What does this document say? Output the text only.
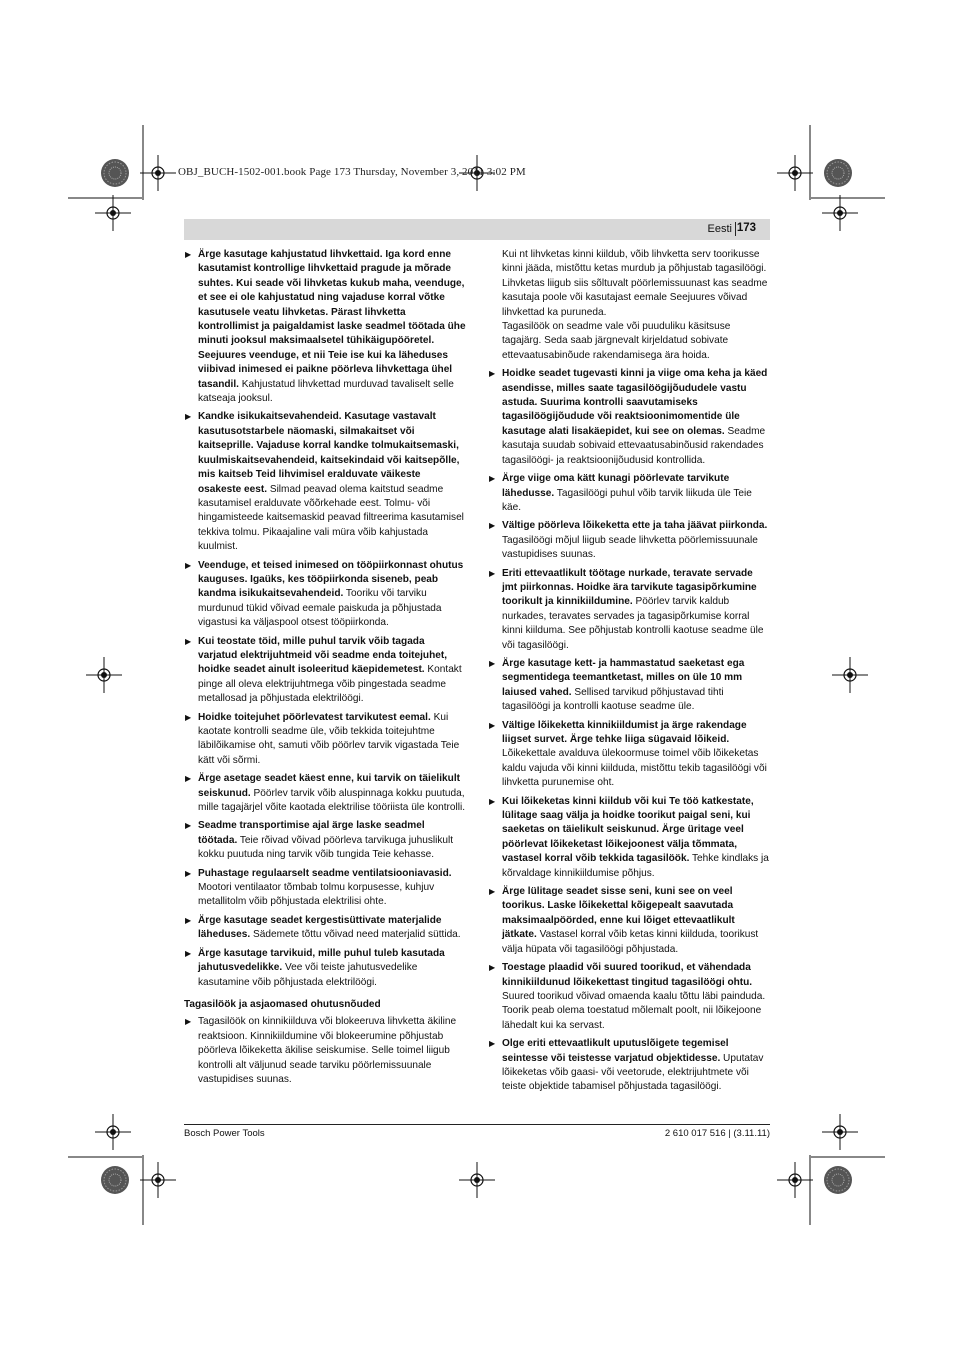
OBJ_BUCH-1502-001.book Page 173 Thursday, November 3, 2011 3:02 PM
Eesti 173
▶ Ärge kasutage kahjustatud lihvkettaid. Iga kord enne kasutamist kontrollige lihvkettaid pragude ja mõrade suhtes. Kui seade või lihvketas kukub maha, veenduge, et see ei ole kahjustatud ning vajaduse korral võtke kasutusele veatu lihvketas. Pärast lihvketta kontrollimist ja paigaldamist laske seadmel töötada ühe minuti jooksul maksimaalsetel tühikäigupööretel. Seejuures veenduge, et nii Teie ise kui ka läheduses viibivad inimesed ei paikne pöörleva lihvkettaga ühel tasandil. Kahjustatud lihvkettad murduvad tavaliselt selle katseaja jooksul.
▶ Kandke isikukaitsevahendeid. Kasutage vastavalt kasutusotstarbele näomaski, silmakaitset või kaitseprille. Vajaduse korral kandke tolmukaitsemaski, kuulmiskaitsevahendeid, kaitsekindaid või kaitsepõlle, mis kaitseb Teid lihvimisel eralduvate väikeste osakeste eest. Silmad peavad olema kaitstud seadme kasutamisel eralduvate võõrkehade eest. Tolmu- või hingamisteede kaitsemaskid peavad filtreerima kasutamisel tekkiva tolmu. Pikaajaline vali müra võib kahjustada kuulmist.
▶ Veenduge, et teised inimesed on tööpiirkonnast ohutus kauguses. Igaüks, kes tööpiirkonda siseneb, peab kandma isikukaitsevahendeid. Tooriku või tarviku murdunud tükid võivad eemale paiskuda ja põhjustada vigastusi ka väljaspool otsest tööpiirkonda.
▶ Kui teostate töid, mille puhul tarvik võib tagada varjatud elektrijuhtmeid või seadme enda toitejuhet, hoidke seadet ainult isoleeritud käepidemetest. Kontakt pinge all oleva elektrijuhtmega võib pingestada seadme metallosad ja põhjustada elektrilöögi.
▶ Hoidke toitejuhet pöörlevatest tarvikutest eemal. Kui kaotate kontrolli seadme üle, võib tekkida toitejuhtme läbilõikamise oht, samuti võib pöörlev tarvik vigastada Teie kätt või sõrmi.
▶ Ärge asetage seadet käest enne, kui tarvik on täielikult seiskunud. Pöörlev tarvik võib aluspinnaga kokku puutuda, mille tagajärjel võite kaotada elektrilise tööriista üle kontrolli.
▶ Seadme transportimise ajal ärge laske seadmel töötada. Teie rõivad võivad pöörleva tarvikuga juhuslikult kokku puutuda ning tarvik võib tungida Teie kehasse.
▶ Puhastage regulaarselt seadme ventilatsiooniavasid. Mootori ventilaator tõmbab tolmu korpusesse, kuhjuv metallitolm võib põhjustada elektrilisi ohte.
▶ Ärge kasutage seadet kergestisüttivate materjalide läheduses. Sädemete tõttu võivad need materjalid süttida.
▶ Ärge kasutage tarvikuid, mille puhul tuleb kasutada jahutusvedelikke. Vee või teiste jahutusvedelike kasutamine võib põhjustada elektrilöögi.
Tagasilöök ja asjaomased ohutusnõuded
▶ Tagasilöök on kinnikiilduva või blokeeruva lihvketta äkiline reaktsioon. Kinnikiildumine või blokeerumine põhjustab pöörleva lõikeketta äkilise seiskumise. Selle toimel liigub kontrolli alt väljunud seade tarviku pöörlemissuunale vastupidises suunas.
Kui nt lihvketas kinni kiildub, võib lihvketta serv toorikusse kinni jääda, mistõttu ketas murdub ja põhjustab tagasilöögi. Lihvketas liigub siis sõltuvalt pöörlemissuunast kas seadme kasutaja poole või kasutajast eemale Seejuures võivad lihvkettad ka puruneda.
Tagasilöök on seadme vale või puuduliku käsitsuse tagajärg. Seda saab järgnevalt kirjeldatud sobivate ettevaatusabinõude rakendamisega ära hoida.
▶ Hoidke seadet tugevasti kinni ja viige oma keha ja käed asendisse, milles saate tagasilöögijõududele vastu astuda. Suurima kontrolli saavutamiseks tagasilöögijõudude või reaktsioonimomentide üle kasutage alati lisakäepidet, kui see on olemas. Seadme kasutaja suudab sobivaid ettevaatusabinõusid rakendades tagasilöögi- ja reaktsioonijõudusid kontrollida.
▶ Ärge viige oma kätt kunagi pöörlevate tarvikute lähedusse. Tagasilöögi puhul võib tarvik liikuda üle Teie käe.
▶ Vältige pöörleva lõikeketta ette ja taha jäävat piirkonda. Tagasilöögi mõjul liigub seade lihvketta pöörlemissuunale vastupidises suunas.
▶ Eriti ettevaatlikult töötage nurkade, teravate servade jmt piirkonnas. Hoidke ära tarvikute tagasipõrkumine toorikult ja kinnikiildumine. Pöörlev tarvik kaldub nurkades, teravates servades ja tagasipõrkumise korral kinni kiilduma. See põhjustab kontrolli kaotuse seadme üle või tagasilöögi.
▶ Ärge kasutage kett- ja hammastatud saeketast ega segmentidega teemantketast, milles on üle 10 mm laiused vahed. Sellised tarvikud põhjustavad tihti tagasilöögi ja kontrolli kaotuse seadme üle.
▶ Vältige lõikeketta kinnikiildumist ja ärge rakendage liigset survet. Ärge tehke liiga sügavaid lõikeid. Lõikekettale avalduva ülekoormuse toimel võib lõikeketas kaldu vajuda või kinni kiilduda, mistõttu tekib tagasilöögi või lihvketta purunemise oht.
▶ Kui lõikeketas kinni kiildub või kui Te töö katkestate, lülitage saag välja ja hoidke toorikut paigal seni, kui saeketas on täielikult seiskunud. Ärge üritage veel pöörlevat lõikeketast lõikejoonest välja tõmmata, vastasel korral võib tekkida tagasilöök. Tehke kindlaks ja kõrvaldage kinnikiildumise põhjus.
▶ Ärge lülitage seadet sisse seni, kuni see on veel toorikus. Laske lõikekettal kõigepealt saavutada maksimaalpöörded, enne kui lõiget ettevaatlikult jätkate. Vastasel korral võib ketas kinni kiilduda, toorikust välja hüpata või tagasilöögi põhjustada.
▶ Toestage plaadid või suured toorikud, et vähendada kinnikiildunud lõikekettast tingitud tagasilöögi ohtu. Suured toorikud võivad omaenda kaalu tõttu läbi painduda. Toorik peab olema toestatud mõlemalt poolt, nii lõikejoone lähedalt kui ka servast.
▶ Olge eriti ettevaatlikult uputuslõigete tegemisel seintesse või teistesse varjatud objektidesse. Uputatav lõikeketas võib gaasi- või veetorude, elektrijuhtmete või teiste objektide tabamisel põhjustada tagasilöögi.
Bosch Power Tools	2 610 017 516 | (3.11.11)
